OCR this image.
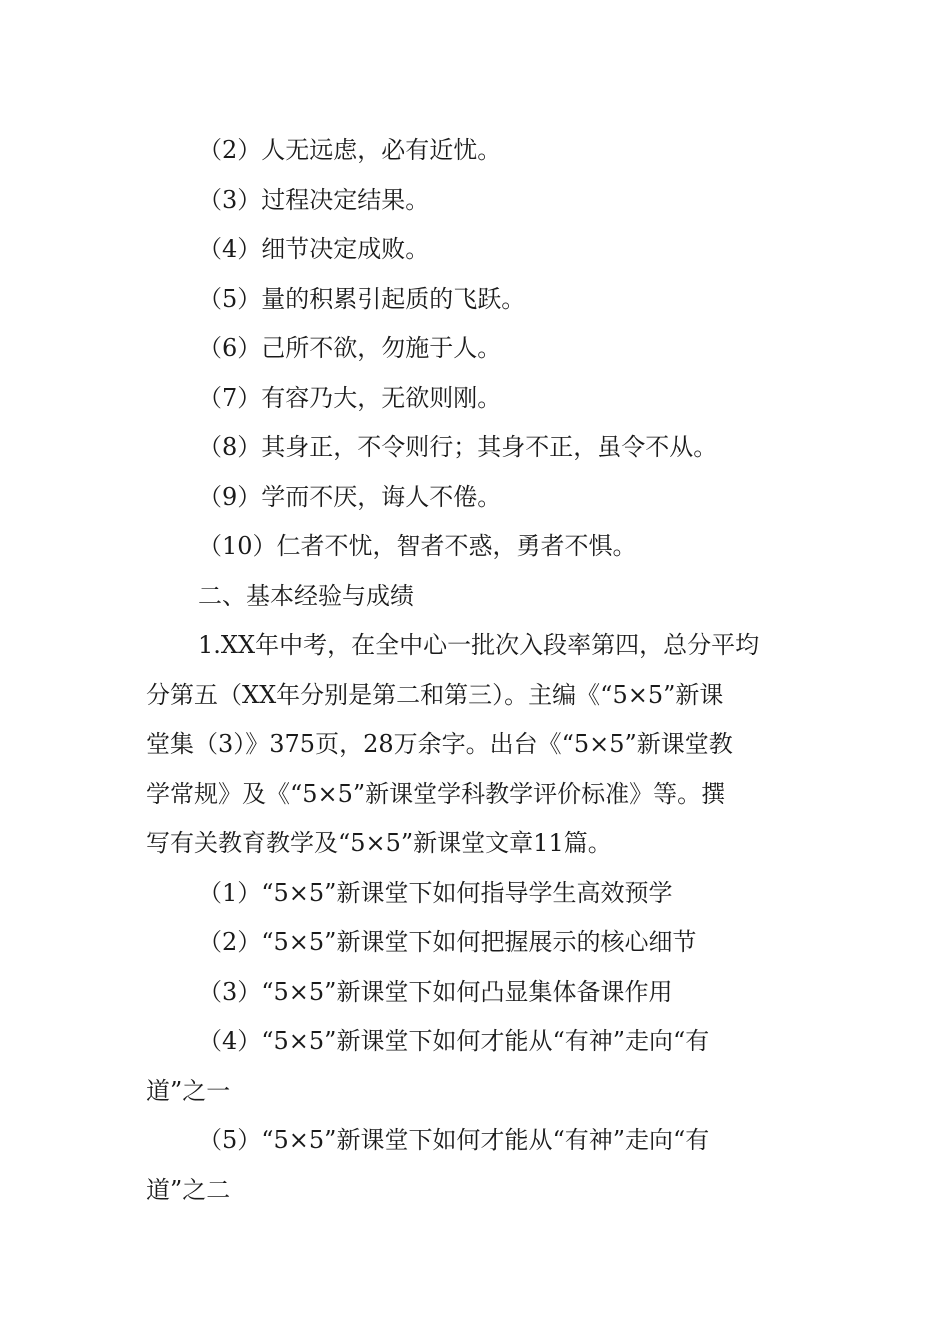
（2）人无远虑，必有近忧。

（3）过程决定结果。

（4）细节决定成败。

（5）量的积累引起质的飞跃。

（6）己所不欲，勿施于人。

（7）有容乃大，无欲则刚。

（8）其身正，不令则行；其身不正，虽令不从。

（9）学而不厌，诲人不倦。

（10）仁者不忧，智者不惑，勇者不惧。

二、基本经验与成绩

1.XX年中考，在全中心一批次入段率第四，总分平均

分第五（XX年分别是第二和第三）。主编《“5×5”新课

堂集（3）》375页，28万余字。出台《“5×5”新课堂教

学常规》及《“5×5”新课堂学科教学评价标准》等。撰

写有关教育教学及“5×5”新课堂文章11篇。

（1）“5×5”新课堂下如何指导学生高效预学

（2）“5×5”新课堂下如何把握展示的核心细节

（3）“5×5”新课堂下如何凸显集体备课作用

（4）“5×5”新课堂下如何才能从“有神”走向“有

道”之一

（5）“5×5”新课堂下如何才能从“有神”走向“有

道”之二
